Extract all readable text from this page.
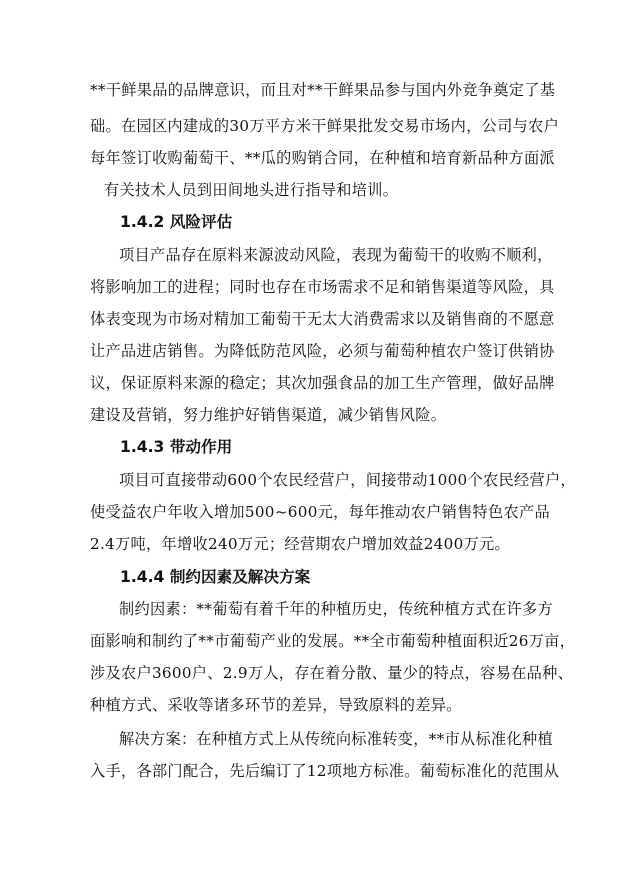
**干鲜果品的品牌意识，而且对**干鲜果品参与国内外竞争奠定了基
础。在园区内建成的30万平方米干鲜果批发交易市场内，公司与农户
每年签订收购葡萄干、**瓜的购销合同，在种植和培育新品种方面派
有关技术人员到田间地头进行指导和培训。
1.4.2 风险评估
项目产品存在原料来源波动风险，表现为葡萄干的收购不顺利，
将影响加工的进程；同时也存在市场需求不足和销售渠道等风险，具
体表变现为市场对精加工葡萄干无太大消费需求以及销售商的不愿意
让产品进店销售。为降低防范风险，必须与葡萄种植农户签订供销协
议，保证原料来源的稳定；其次加强食品的加工生产管理，做好品牌
建设及营销，努力维护好销售渠道，减少销售风险。
1.4.3 带动作用
项目可直接带动600个农民经营户，间接带动1000个农民经营户，
使受益农户年收入增加500~600元，每年推动农户销售特色农产品
2.4万吨，年增收240万元；经营期农户增加效益2400万元。
1.4.4 制约因素及解决方案
制约因素：**葡萄有着千年的种植历史，传统种植方式在许多方
面影响和制约了**市葡萄产业的发展。**全市葡萄种植面积近26万亩，
涉及农户3600户、2.9万人，存在着分散、量少的特点，容易在品种、
种植方式、采收等诸多环节的差异，导致原料的差异。
解决方案：在种植方式上从传统向标准转变，**市从标准化种植
入手，各部门配合，先后编订了12项地方标准。葡萄标准化的范围从
